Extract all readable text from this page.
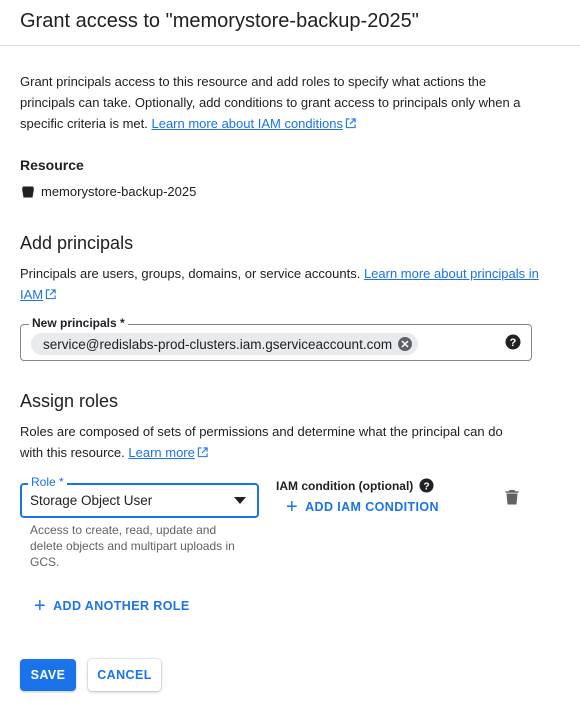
Grant access to "memorystore-backup-2025"
Grant principals access to this resource and add roles to specify what actions the principals can take. Optionally, add conditions to grant access to principals only when a specific criteria is met. Learn more about IAM conditions
Resource
memorystore-backup-2025
Add principals
Principals are users, groups, domains, or service accounts. Learn more about principals in IAM
New principals *
service@redislabs-prod-clusters.iam.gserviceaccount.com	?
Assign roles
Roles are composed of sets of permissions and determine what the principal can do with this resource. Learn more
Role *
Storage Object User
Access to create, read, update and delete objects and multipart uploads in GCS.
IAM condition (optional) ?
+ ADD IAM CONDITION
+ ADD ANOTHER ROLE
SAVE	CANCEL
